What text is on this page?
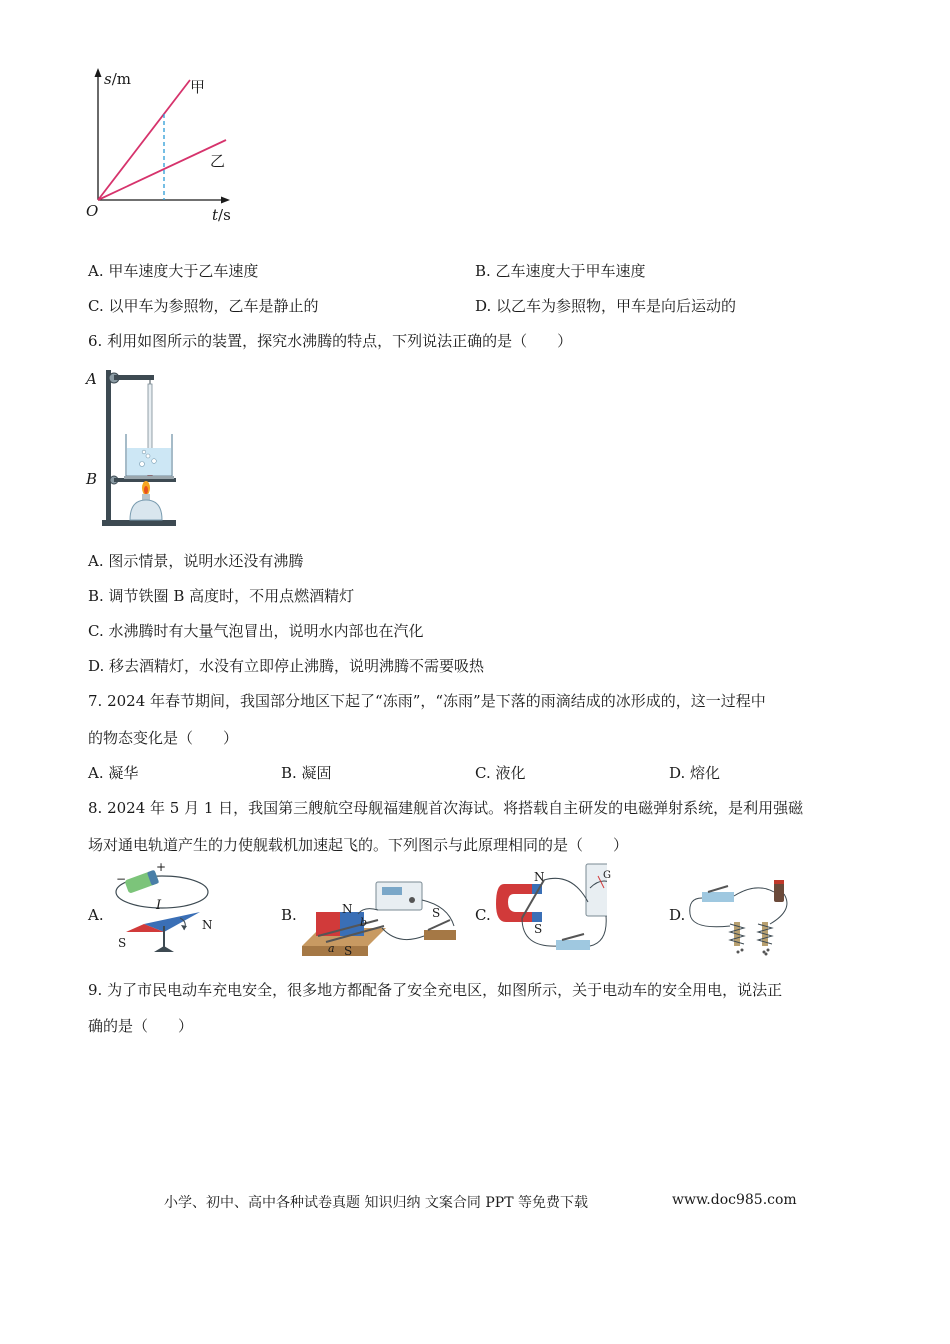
s/m	甲
乙
O	t/s
A. 甲车速度大于乙车速度	B. 乙车速度大于甲车速度
C. 以甲车为参照物，乙车是静止的	D. 以乙车为参照物，甲车是向后运动的
6. 利用如图所示的装置，探究水沸腾的特点，下列说法正确的是（　　）
A
B
A. 图示情景，说明水还没有沸腾
B. 调节铁圈 B 高度时，不用点燃酒精灯
C. 水沸腾时有大量气泡冒出，说明水内部也在汽化
D. 移去酒精灯，水没有立即停止沸腾，说明沸腾不需要吸热
7. 2024 年春节期间，我国部分地区下起了“冻雨”，“冻雨”是下落的雨滴结成的冰形成的，这一过程中
的物态变化是（　　）
A. 凝华	B. 凝固	C. 液化	D. 熔化
8. 2024 年 5 月 1 日，我国第三艘航空母舰福建舰首次海试。将搭载自主研发的电磁弹射系统，是利用强磁
场对通电轨道产生的力使舰载机加速起飞的。下列图示与此原理相同的是（　　）
A.
−
+
I
N
S
B.	N
S
a
b
S C.
N
S
G
D.
9. 为了市民电动车充电安全，很多地方都配备了安全充电区，如图所示，关于电动车的安全用电，说法正
确的是（　　）
小学、初中、高中各种试卷真题 知识归纳 文案合同 PPT 等免费下载	www.doc985.com
